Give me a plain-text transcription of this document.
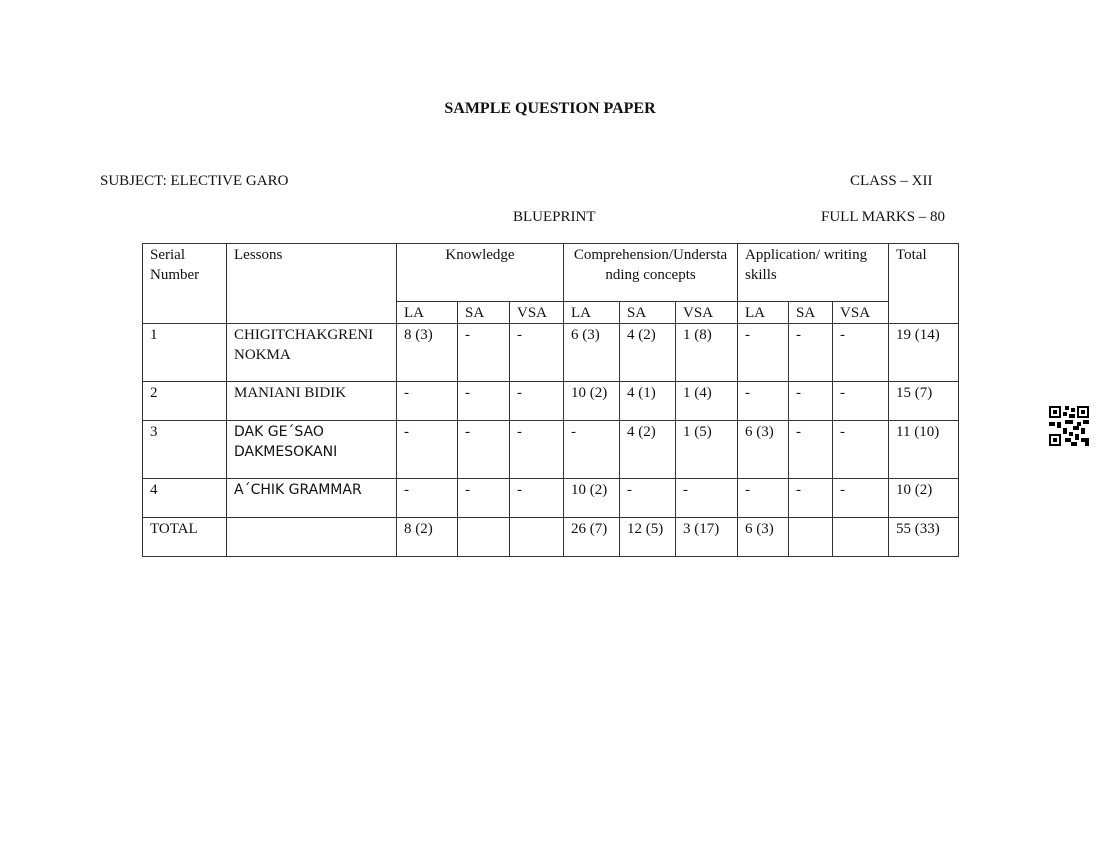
SAMPLE QUESTION PAPER
SUBJECT: ELECTIVE GARO	CLASS – XII
BLUEPRINT	FULL MARKS – 80
Serial Number	Lessons	Knowledge			Comprehension/Understanding concepts			Application/ writing skills			Total
		LA	SA	VSA	LA	SA	VSA	LA	SA	VSA	
1	CHIGITCHAKGRENI NOKMA	8 (3)	-	-	6 (3)	4 (2)	1 (8)	-	-	-	19 (14)
2	MANIANI BIDIK	-	-	-	10 (2)	4 (1)	1 (4)	-	-	-	15 (7)
3	DAK GE´SAO DAKMESOKANI	-	-	-	-	4 (2)	1 (5)	6 (3)	-	-	11 (10)
4	A´CHIK GRAMMAR	-	-	-	10 (2)	-	-	-	-	-	10 (2)
TOTAL		8 (2)			26 (7)	12 (5)	3 (17)	6 (3)			55 (33)
